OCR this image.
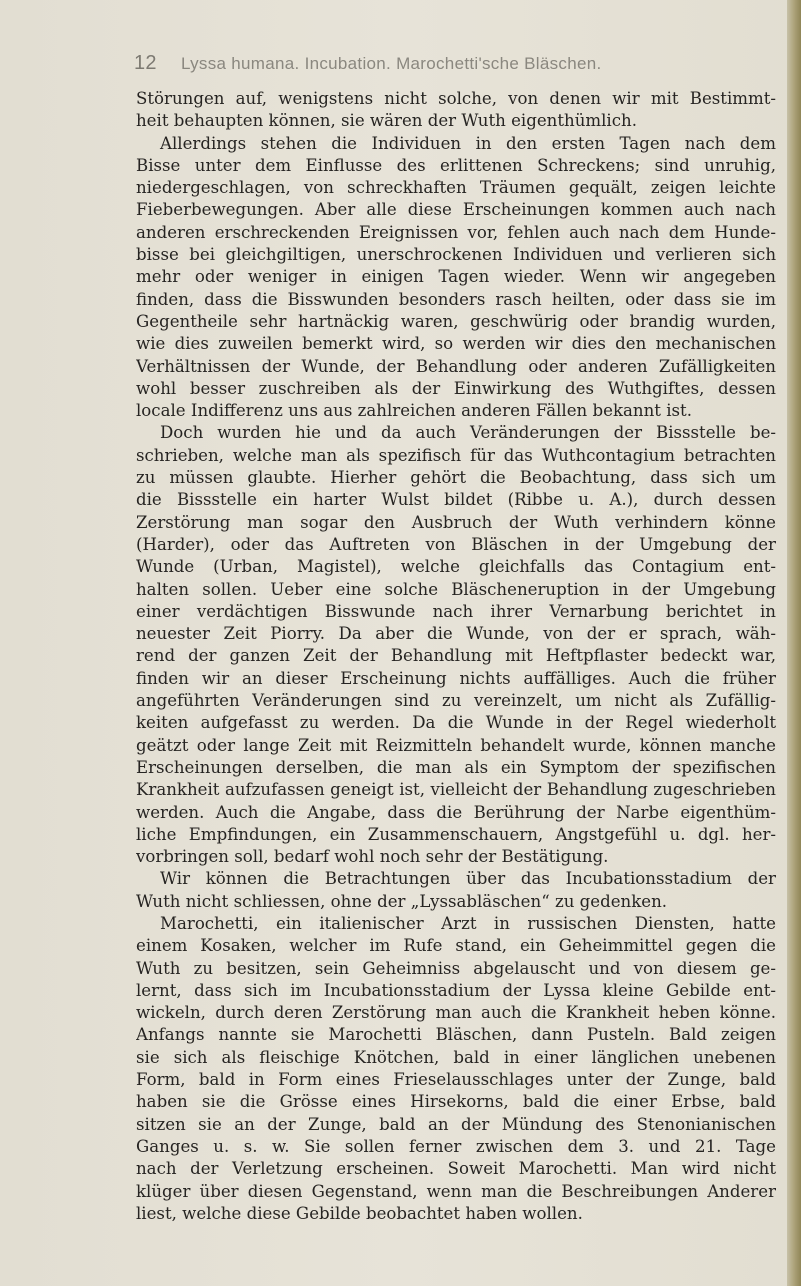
12 Lyssa humana. Incubation. Marochetti'sche Bläschen.
Störungen auf, wenigstens nicht solche, von denen wir mit Bestimmt-
heit behaupten können, sie wären der Wuth eigenthümlich.
Allerdings stehen die Individuen in den ersten Tagen nach dem
Bisse unter dem Einflusse des erlittenen Schreckens; sind unruhig,
niedergeschlagen, von schreckhaften Träumen gequält, zeigen leichte
Fieberbewegungen. Aber alle diese Erscheinungen kommen auch nach
anderen erschreckenden Ereignissen vor, fehlen auch nach dem Hunde-
bisse bei gleichgiltigen, unerschrockenen Individuen und verlieren sich
mehr oder weniger in einigen Tagen wieder. Wenn wir angegeben
finden, dass die Bisswunden besonders rasch heilten, oder dass sie im
Gegentheile sehr hartnäckig waren, geschwürig oder brandig wurden,
wie dies zuweilen bemerkt wird, so werden wir dies den mechanischen
Verhältnissen der Wunde, der Behandlung oder anderen Zufälligkeiten
wohl besser zuschreiben als der Einwirkung des Wuthgiftes, dessen
locale Indifferenz uns aus zahlreichen anderen Fällen bekannt ist.
Doch wurden hie und da auch Veränderungen der Bissstelle be-
schrieben, welche man als spezifisch für das Wuthcontagium betrachten
zu müssen glaubte. Hierher gehört die Beobachtung, dass sich um
die Bissstelle ein harter Wulst bildet (Ribbe u. A.), durch dessen
Zerstörung man sogar den Ausbruch der Wuth verhindern könne
(Harder), oder das Auftreten von Bläschen in der Umgebung der
Wunde (Urban, Magistel), welche gleichfalls das Contagium ent-
halten sollen. Ueber eine solche Bläscheneruption in der Umgebung
einer verdächtigen Bisswunde nach ihrer Vernarbung berichtet in
neuester Zeit Piorry. Da aber die Wunde, von der er sprach, wäh-
rend der ganzen Zeit der Behandlung mit Heftpflaster bedeckt war,
finden wir an dieser Erscheinung nichts auffälliges. Auch die früher
angeführten Veränderungen sind zu vereinzelt, um nicht als Zufällig-
keiten aufgefasst zu werden. Da die Wunde in der Regel wiederholt
geätzt oder lange Zeit mit Reizmitteln behandelt wurde, können manche
Erscheinungen derselben, die man als ein Symptom der spezifischen
Krankheit aufzufassen geneigt ist, vielleicht der Behandlung zugeschrieben
werden. Auch die Angabe, dass die Berührung der Narbe eigenthüm-
liche Empfindungen, ein Zusammenschauern, Angstgefühl u. dgl. her-
vorbringen soll, bedarf wohl noch sehr der Bestätigung.
Wir können die Betrachtungen über das Incubationsstadium der
Wuth nicht schliessen, ohne der „Lyssabläschen“ zu gedenken.
Marochetti, ein italienischer Arzt in russischen Diensten, hatte
einem Kosaken, welcher im Rufe stand, ein Geheimmittel gegen die
Wuth zu besitzen, sein Geheimniss abgelauscht und von diesem ge-
lernt, dass sich im Incubationsstadium der Lyssa kleine Gebilde ent-
wickeln, durch deren Zerstörung man auch die Krankheit heben könne.
Anfangs nannte sie Marochetti Bläschen, dann Pusteln. Bald zeigen
sie sich als fleischige Knötchen, bald in einer länglichen unebenen
Form, bald in Form eines Frieselausschlages unter der Zunge, bald
haben sie die Grösse eines Hirsekorns, bald die einer Erbse, bald
sitzen sie an der Zunge, bald an der Mündung des Stenonianischen
Ganges u. s. w. Sie sollen ferner zwischen dem 3. und 21. Tage
nach der Verletzung erscheinen. Soweit Marochetti. Man wird nicht
klüger über diesen Gegenstand, wenn man die Beschreibungen Anderer
liest, welche diese Gebilde beobachtet haben wollen.
